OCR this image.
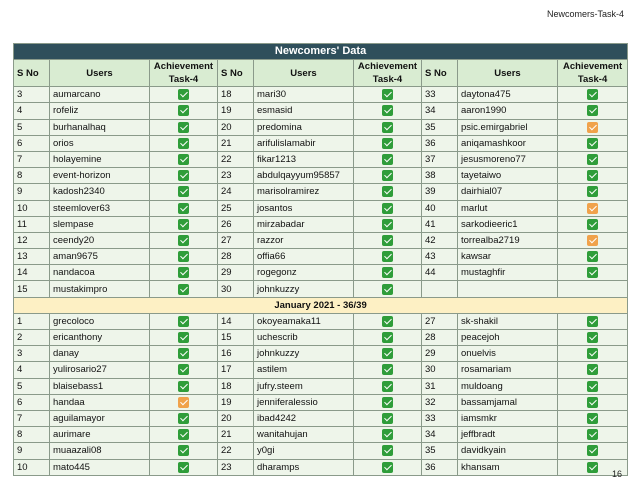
Newcomers-Task-4
Newcomers' Data								
S No	Users	Achievement Task-4	S No	Users	Achievement Task-4	S No	Users	Achievement Task-4
3	aumarcano		18	mari30		33	daytona475	
4	rofeliz		19	esmasid		34	aaron1990	
5	burhanalhaq		20	predomina		35	psic.emirgabriel	
6	orios		21	arifulislamabir		36	aniqamashkoor	
7	holayemine		22	fikar1213		37	jesusmoreno77	
8	event-horizon		23	abdulqayyum95857		38	tayetaiwo	
9	kadosh2340		24	marisolramirez		39	dairhial07	
10	steemlover63		25	josantos		40	marlut	
11	slempase		26	mirzabadar		41	sarkodieeric1	
12	ceendy20		27	razzor		42	torrealba2719	
13	aman9675		28	offia66		43	kawsar	
14	nandacoa		29	rogegonz		44	mustaghfir	
15	mustakimpro		30	johnkuzzy				
January 2021 - 36/39								
1	grecoloco		14	okoyeamaka11		27	sk-shakil	
2	ericanthony		15	uchescrib		28	peacejoh	
3	danay		16	johnkuzzy		29	onuelvis	
4	yulirosario27		17	astilem		30	rosamariam	
5	blaisebass1		18	jufry.steem		31	muldoang	
6	handaa		19	jenniferalessio		32	bassamjamal	
7	aguilamayor		20	ibad4242		33	iamsmkr	
8	aurimare		21	wanitahujan		34	jeffbradt	
9	muaazali08		22	y0gi		35	davidkyain	
10	mato445		23	dharamps		36	khansam	
16
